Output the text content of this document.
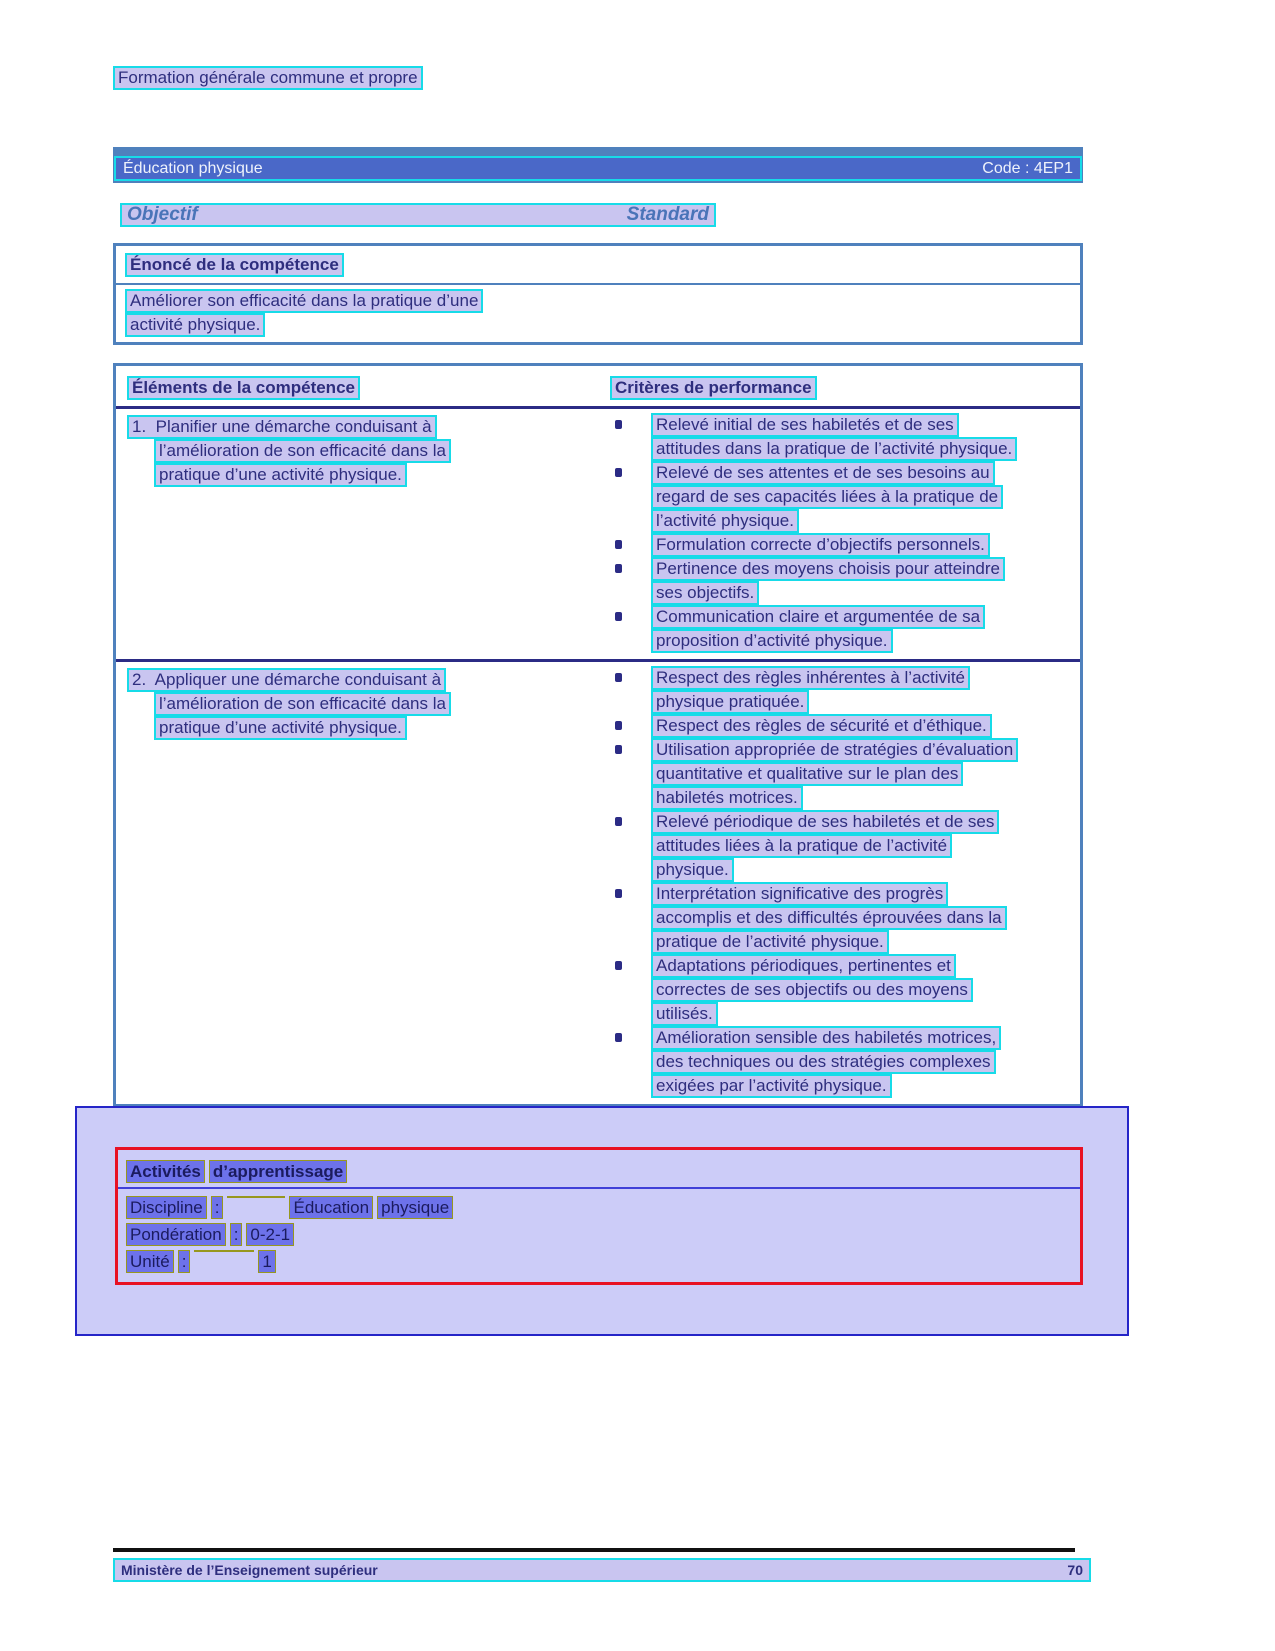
Formation générale commune et propre
Éducation physique	Code : 4EP1
Objectif	Standard
Énoncé de la compétence
Améliorer son efficacité dans la pratique d’une
activité physique.
Éléments de la compétence	Critères de performance
1.  Planifier une démarche conduisant à
l’amélioration de son efficacité dans la
pratique d’une activité physique.
Relevé initial de ses habiletés et de ses
attitudes dans la pratique de l’activité physique.
Relevé de ses attentes et de ses besoins au
regard de ses capacités liées à la pratique de
l’activité physique.
Formulation correcte d’objectifs personnels.
Pertinence des moyens choisis pour atteindre
ses objectifs.
Communication claire et argumentée de sa
proposition d’activité physique.
2.  Appliquer une démarche conduisant à
l’amélioration de son efficacité dans la
pratique d’une activité physique.
Respect des règles inhérentes à l’activité
physique pratiquée.
Respect des règles de sécurité et d’éthique.
Utilisation appropriée de stratégies d’évaluation
quantitative et qualitative sur le plan des
habiletés motrices.
Relevé périodique de ses habiletés et de ses
attitudes liées à la pratique de l’activité
physique.
Interprétation significative des progrès
accomplis et des difficultés éprouvées dans la
pratique de l’activité physique.
Adaptations périodiques, pertinentes et
correctes de ses objectifs ou des moyens
utilisés.
Amélioration sensible des habiletés motrices,
des techniques ou des stratégies complexes
exigées par l’activité physique.
Activités d’apprentissage
Discipline :	Éducation physique
Pondération : 0-2-1
Unité :	1
Ministère de l’Enseignement supérieur	70
